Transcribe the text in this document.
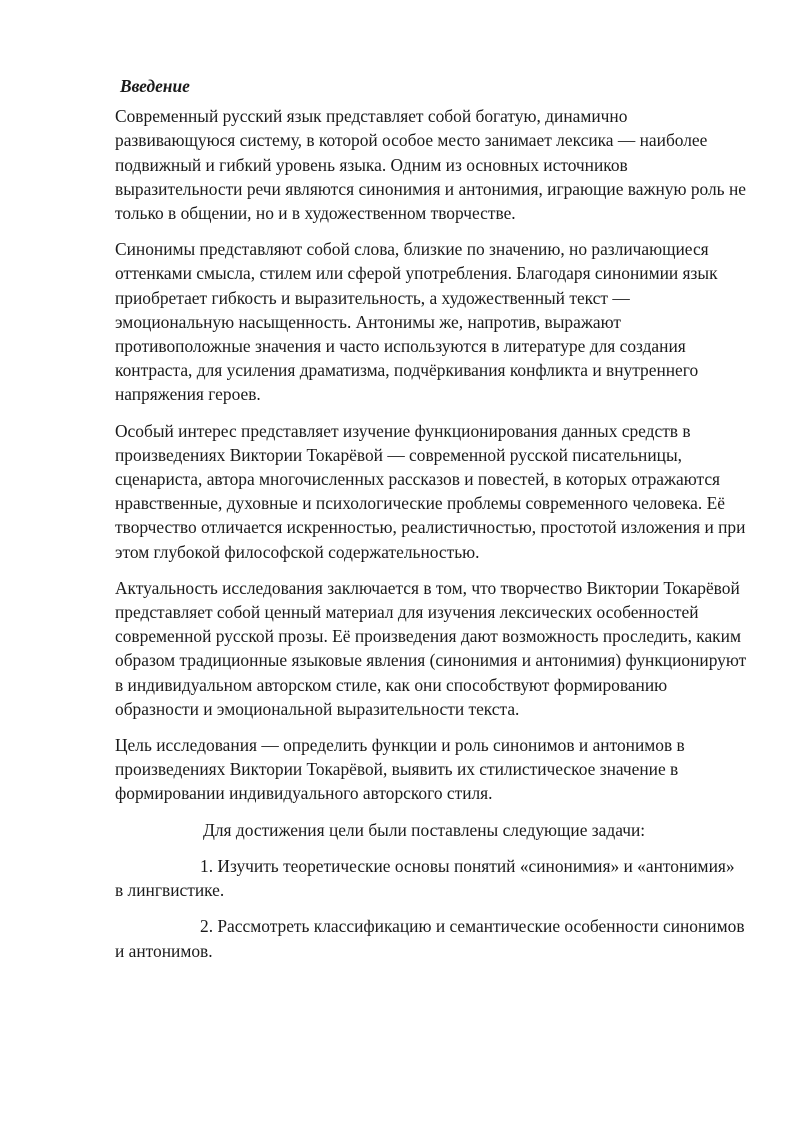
Введение

Современный русский язык представляет собой богатую, динамично развивающуюся систему, в которой особое место занимает лексика — наиболее подвижный и гибкий уровень языка. Одним из основных источников выразительности речи являются синонимия и антонимия, играющие важную роль не только в общении, но и в художественном творчестве.

Синонимы представляют собой слова, близкие по значению, но различающиеся оттенками смысла, стилем или сферой употребления. Благодаря синонимии язык приобретает гибкость и выразительность, а художественный текст — эмоциональную насыщенность. Антонимы же, напротив, выражают противоположные значения и часто используются в литературе для создания контраста, для усиления драматизма, подчёркивания конфликта и внутреннего напряжения героев.

Особый интерес представляет изучение функционирования данных средств в произведениях Виктории Токарёвой — современной русской писательницы, сценариста, автора многочисленных рассказов и повестей, в которых отражаются нравственные, духовные и психологические проблемы современного человека. Её творчество отличается искренностью, реалистичностью, простотой изложения и при этом глубокой философской содержательностью.

Актуальность исследования заключается в том, что творчество Виктории Токарёвой представляет собой ценный материал для изучения лексических особенностей современной русской прозы. Её произведения дают возможность проследить, каким образом традиционные языковые явления (синонимия и антонимия) функционируют в индивидуальном авторском стиле, как они способствуют формированию образности и эмоциональной выразительности текста.

Цель исследования — определить функции и роль синонимов и антонимов в произведениях Виктории Токарёвой, выявить их стилистическое значение в формировании индивидуального авторского стиля.

Для достижения цели были поставлены следующие задачи:

1. Изучить теоретические основы понятий «синонимия» и «антонимия» в лингвистике.

2. Рассмотреть классификацию и семантические особенности синонимов и антонимов.
